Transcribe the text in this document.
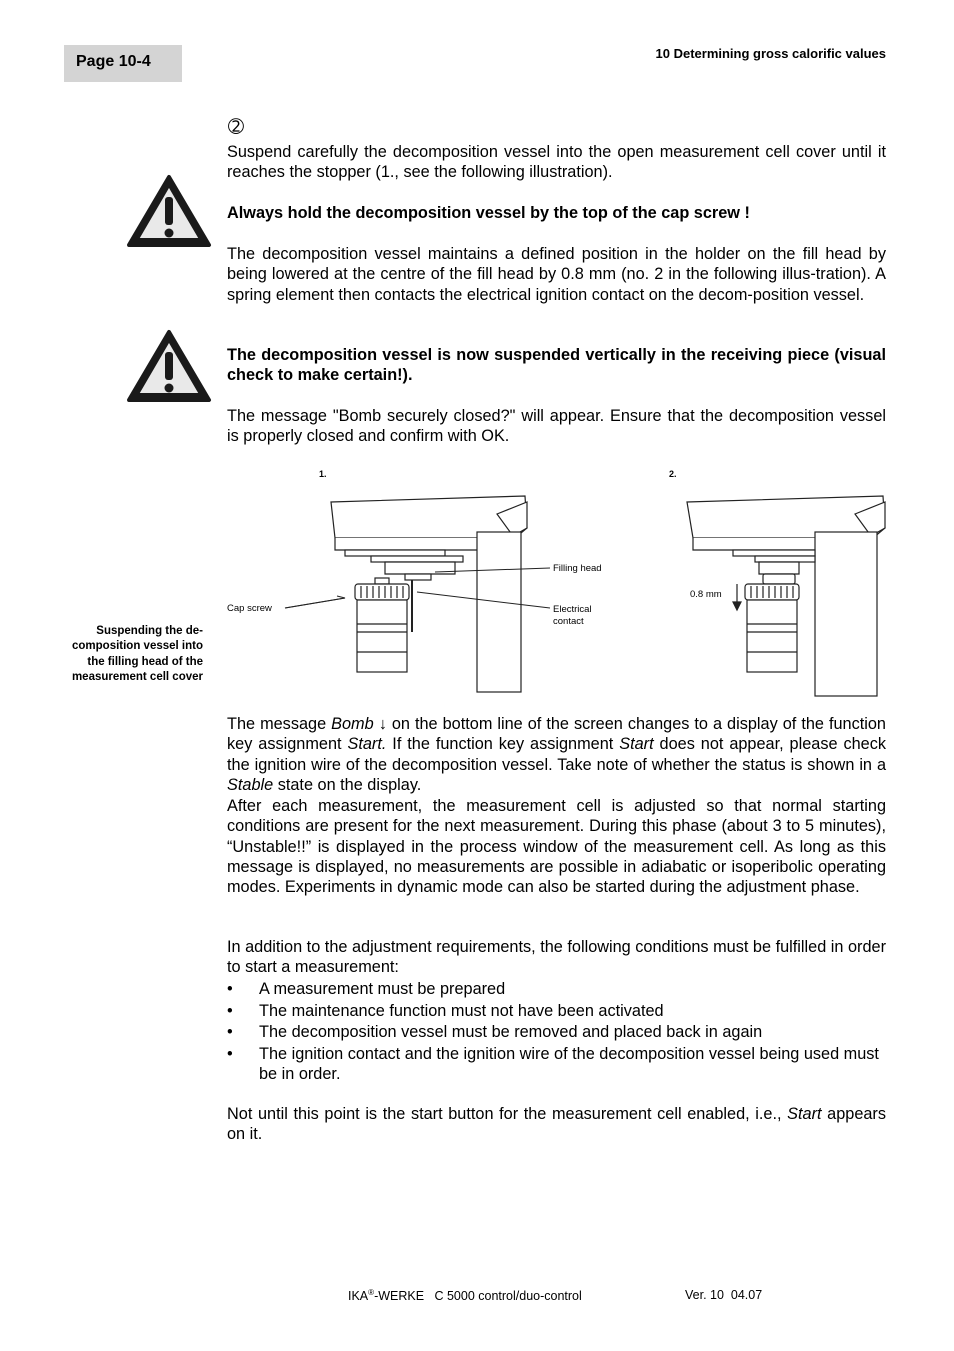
Page 10-4	10 Determining gross calorific values
➁
Suspend carefully the decomposition vessel into the open measurement cell cover until it reaches the stopper (1., see the following illustration).
Always hold the decomposition vessel by the top of the cap screw !
The decomposition vessel maintains a defined position in the holder on the fill head by being lowered at the centre of the fill head by 0.8 mm (no. 2 in the following illus-tration). A spring element then contacts the electrical ignition contact on the decom-position vessel.
The decomposition vessel is now suspended vertically in the receiving piece (visual check to make certain!).
The message "Bomb securely closed?" will appear. Ensure that the decomposition vessel is properly closed and confirm with OK.
1.
Filling head
Cap screw	Electrical
contact
2.
0.8 mm
Suspending the de-
composition vessel into
the filling head of the
measurement cell cover
The message Bomb ↓ on the bottom line of the screen changes to a display of the function key assignment Start. If the function key assignment Start does not appear, please check the ignition wire of the decomposition vessel. Take note of whether the status is shown in a Stable state on the display.
After each measurement, the measurement cell is adjusted so that normal starting conditions are present for the next measurement. During this phase (about 3 to 5 minutes), “Unstable!!” is displayed in the process window of the measurement cell. As long as this message is displayed, no measurements are possible in adiabatic or isoperibolic operating modes. Experiments in dynamic mode can also be started during the adjustment phase.
In addition to the adjustment requirements, the following conditions must be fulfilled in order to start a measurement:
• A measurement must be prepared
• The maintenance function must not have been activated
• The decomposition vessel must be removed and placed back in again
• The ignition contact and the ignition wire of the decomposition vessel being used must be in order.
Not until this point is the start button for the measurement cell enabled, i.e., Start appears on it.
IKA®-WERKE   C 5000 control/duo-control	Ver. 10  04.07
